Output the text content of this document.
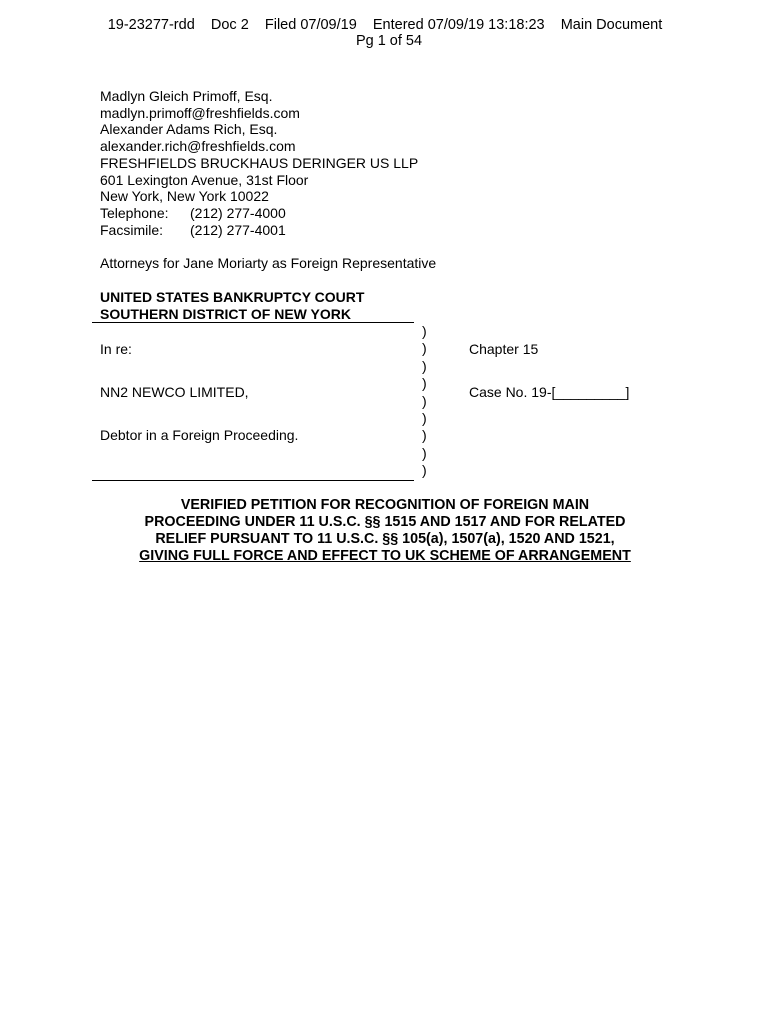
19-23277-rdd    Doc 2    Filed 07/09/19    Entered 07/09/19 13:18:23    Main Document
Pg 1 of 54
Madlyn Gleich Primoff, Esq.
madlyn.primoff@freshfields.com
Alexander Adams Rich, Esq.
alexander.rich@freshfields.com
FRESHFIELDS BRUCKHAUS DERINGER US LLP
601 Lexington Avenue, 31st Floor
New York, New York 10022
Telephone: (212) 277-4000
Facsimile: (212) 277-4001
Attorneys for Jane Moriarty as Foreign Representative
UNITED STATES BANKRUPTCY COURT
SOUTHERN DISTRICT OF NEW YORK
In re:
NN2 NEWCO LIMITED,
Debtor in a Foreign Proceeding.
)
)
)
)
)
)
)
)
)
Chapter 15
Case No. 19-[_________]
VERIFIED PETITION FOR RECOGNITION OF FOREIGN MAIN
PROCEEDING UNDER 11 U.S.C. §§ 1515 AND 1517 AND FOR RELATED
RELIEF PURSUANT TO 11 U.S.C. §§ 105(a), 1507(a), 1520 AND 1521,
GIVING FULL FORCE AND EFFECT TO UK SCHEME OF ARRANGEMENT
